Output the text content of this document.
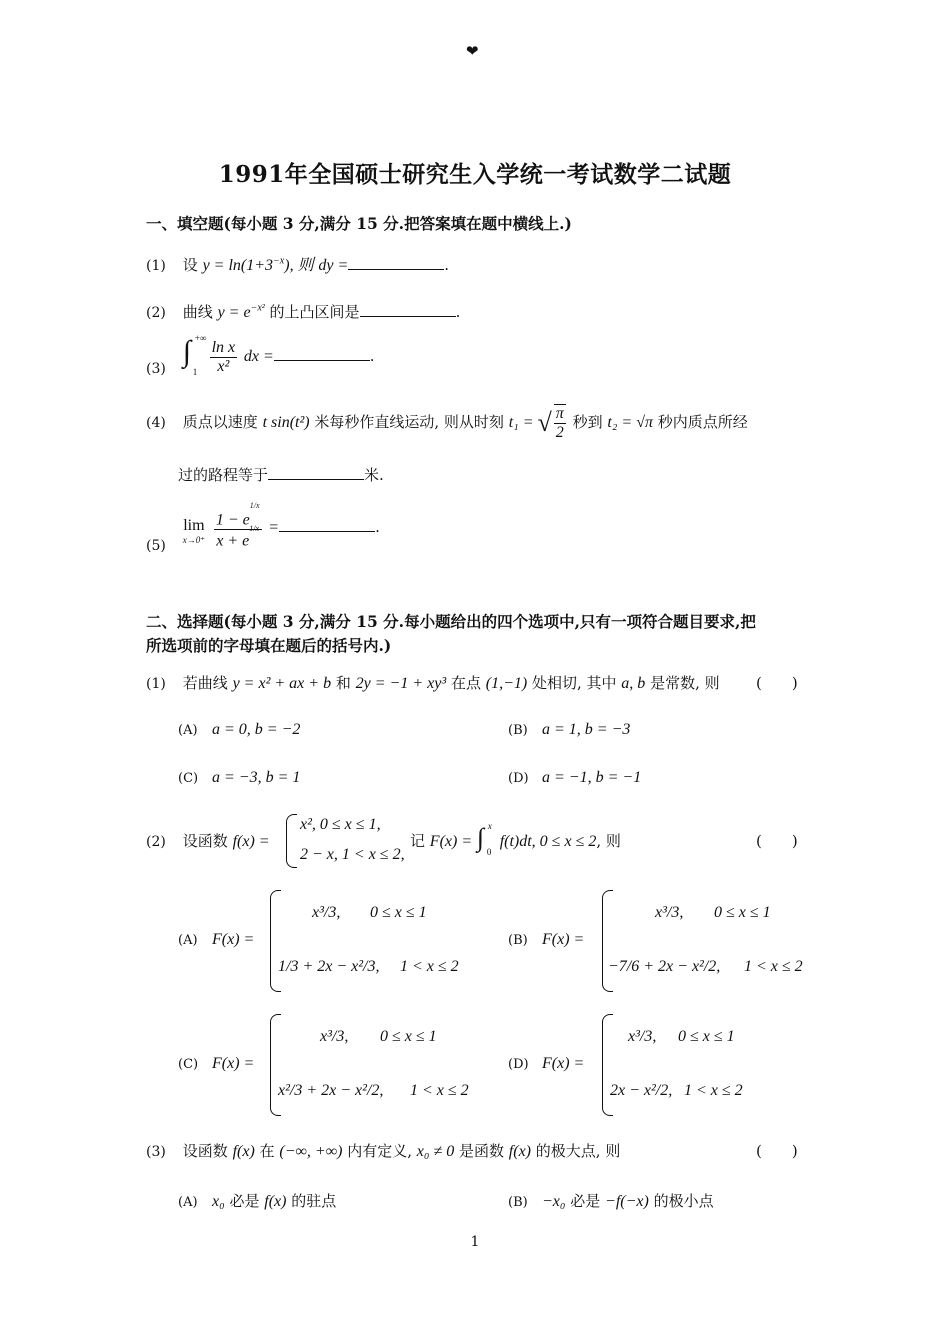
❤
1991年全国硕士研究生入学统一考试数学二试题
一、填空题(每小题 3 分,满分 15 分.把答案填在题中横线上.)
(1) 设 $y = \ln(1+3^{-x})$, 则 dy =	.
(2) 曲线 $y = e^{-x^2}$ 的上凸区间是	.
(3)
∫ +∞
1
$\frac{\text{ln x}}{\text{x²}}$ dx =	.
(4) 质点以速度 t sin(t²) 米每秒作直线运动, 则从时刻 t₁ = √ $\frac{\pi}{2}$ 秒到 t₂ = √π 秒内质点所经
过的路程等于	米.
(5)
lim
x→0⁺
$\frac{1 - e^{1/x}}{x + e^{1/x}}$ =	.
二、选择题(每小题 3 分,满分 15 分.每小题给出的四个选项中,只有一项符合题目要求,把
所选项前的字母填在题后的括号内.)
(1) 若曲线 y = x² + ax + b 和 2y = −1 + xy³ 在点 (1,−1) 处相切, 其中 a, b 是常数, 则 (　　)
(A) a = 0, b = −2	(B) a = 1, b = −3
(C) a = −3, b = 1	(D) a = −1, b = −1
(2) 设函数 f(x) =
x², 0 ≤ x ≤ 1,
2 − x, 1 < x ≤ 2,
记 F(x) = ∫ x
0
f(t)dt, 0 ≤ x ≤ 2, 则	(　　)
(A) F(x) =
x³/3, 0 ≤ x ≤ 1
1/3 + 2x − x²/3, 1 < x ≤ 2
(B) F(x) =
x³/3, 0 ≤ x ≤ 1
−7/6 + 2x − x²/2, 1 < x ≤ 2
(C) F(x) =
x³/3, 0 ≤ x ≤ 1
x²/3 + 2x − x²/2, 1 < x ≤ 2
(D) F(x) =
x³/3, 0 ≤ x ≤ 1
2x − x²/2, 1 < x ≤ 2
(3) 设函数 f(x) 在 (−∞, +∞) 内有定义, x₀ ≠ 0 是函数 f(x) 的极大点, 则	(　　)
(A) x₀ 必是 f(x) 的驻点	(B) −x₀ 必是 −f(−x) 的极小点
1
